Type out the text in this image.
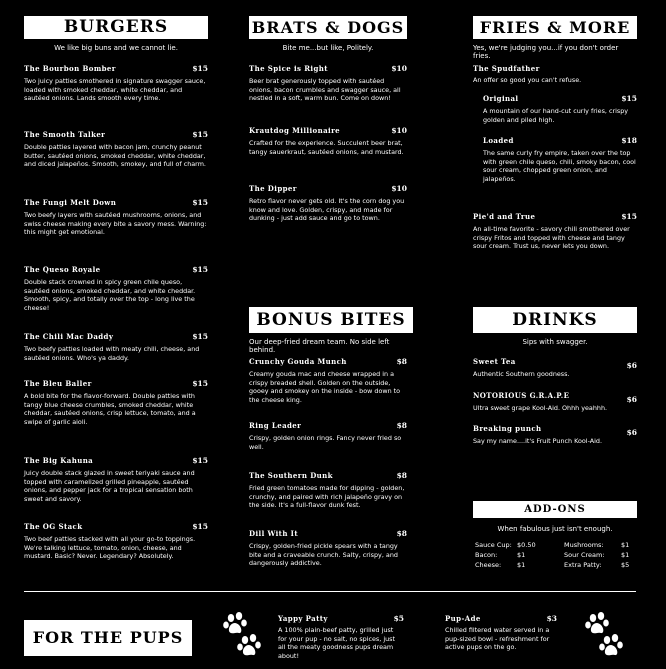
BURGERS
We like big buns and we cannot lie.
The Bourbon Bomber	$15
Two juicy patties smothered in signature swagger sauce, loaded with smoked cheddar, white cheddar, and sautéed onions. Lands smooth every time.
The Smooth Talker	$15
Double patties layered with bacon jam, crunchy peanut butter, sautéed onions, smoked cheddar, white cheddar, and diced jalapeños. Smooth, smokey, and full of charm.
The Fungi Melt Down	$15
Two beefy layers with sautéed mushrooms, onions, and swiss cheese making every bite a savory mess. Warning: this might get emotional.
The Queso Royale	$15
Double stack crowned in spicy green chile queso, sautéed onions, smoked cheddar, and white cheddar. Smooth, spicy, and totally over the top - long live the cheese!
The Chili Mac Daddy	$15
Two beefy patties loaded with meaty chili, cheese, and sautéed onions. Who's ya daddy.
The Bleu Baller	$15
A bold bite for the flavor-forward. Double patties with tangy blue cheese crumbles, smoked cheddar, white cheddar, sautéed onions, crisp lettuce, tomato, and a swipe of garlic aioli.
The Big Kahuna	$15
Juicy double stack glazed in sweet teriyaki sauce and topped with caramelized grilled pineapple, sautéed onions, and pepper jack for a tropical sensation both sweet and savory.
The OG Stack	$15
Two beef patties stacked with all your go-to toppings. We're talking lettuce, tomato, onion, cheese, and mustard. Basic? Never. Legendary? Absolutely.
BRATS & DOGS
Bite me...but like, Politely.
The Spice is Right	$10
Beer brat generously topped with sautéed onions, bacon crumbles and swagger sauce, all nestled in a soft, warm bun. Come on down!
Krautdog Millionaire	$10
Crafted for the experience. Succulent beer brat, tangy sauerkraut, sautéed onions, and mustard.
The Dipper	$10
Retro flavor never gets old. It's the corn dog you know and love. Golden, crispy, and made for dunking - just add sauce and go to town.
BONUS BITES
Our deep-fried dream team. No side left behind.
Crunchy Gouda Munch	$8
Creamy gouda mac and cheese wrapped in a crispy breaded shell. Golden on the outside, gooey and smokey on the inside - bow down to the cheese king.
Ring Leader	$8
Crispy, golden onion rings. Fancy never fried so well.
The Southern Dunk	$8
Fried green tomatoes made for dipping - golden, crunchy, and paired with rich jalapeño gravy on the side. It's a full-flavor dunk fest.
Dill With It	$8
Crispy, golden-fried pickle spears with a tangy bite and a craveable crunch. Salty, crispy, and dangerously addictive.
FRIES & MORE
Yes, we're judging you...if you don't order fries.
The Spudfather
An offer so good you can't refuse.
Original	$15
A mountain of our hand-cut curly fries, crispy golden and piled high.
Loaded	$18
The same curly fry empire, taken over the top with green chile queso, chili, smoky bacon, cool sour cream, chopped green onion, and jalapeños.
Pie'd and True	$15
An all-time favorite - savory chili smothered over crispy Fritos and topped with cheese and tangy sour cream. Trust us, never lets you down.
DRINKS
Sips with swagger.
Sweet Tea	$6
Authentic Southern goodness.
NOTORIOUS G.R.A.P.E	$6
Ultra sweet grape Kool-Aid. Ohhh yeahhh.
Breaking punch	$6
Say my name....it's Fruit Punch Kool-Aid.
ADD-ONS
When fabulous just isn't enough.
Sauce Cup: $0.50	Mushrooms:	$1
Bacon:	$1	Sour Cream:	$1
Cheese: $1	Extra Patty:	$5
FOR THE PUPS
Yappy Patty	$5
A 100% plain-beef patty, grilled just for your pup - no salt, no spices, just all the meaty goodness pups dream about!
Pup-Ade	$3
Chilled filtered water served in a pup-sized bowl - refreshment for active pups on the go.
